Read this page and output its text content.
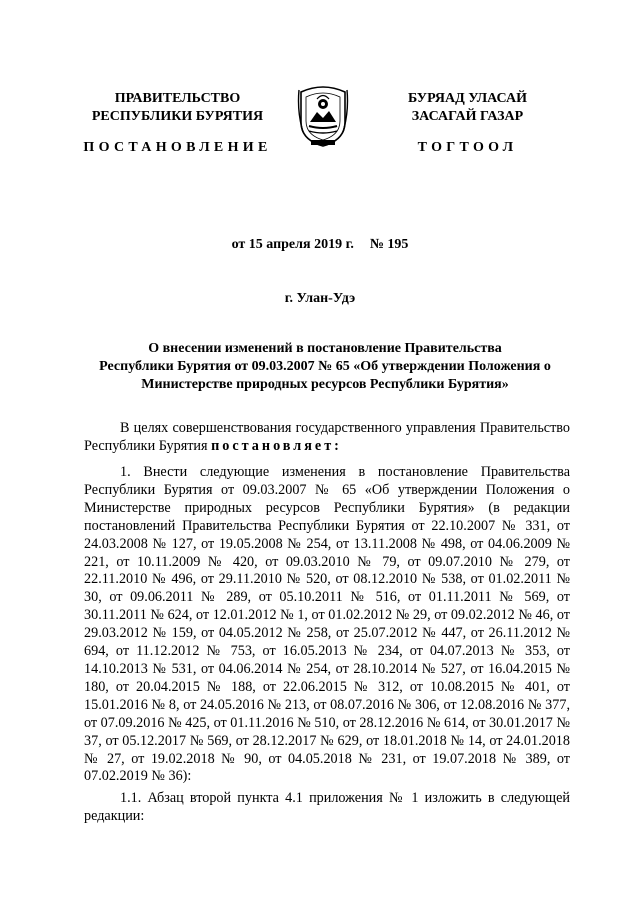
ПРАВИТЕЛЬСТВО
РЕСПУБЛИКИ БУРЯТИЯ
БУРЯАД УЛАСАЙ
ЗАСАГАЙ ГАЗАР
ПОСТАНОВЛЕНИЕ	ТОГТООЛ
от 15 апреля 2019 г. № 195
г. Улан-Удэ
О внесении изменений в постановление Правительства
Республики Бурятия от 09.03.2007 № 65 «Об утверждении Положения о
Министерстве природных ресурсов Республики Бурятия»
В целях совершенствования государственного управления Правительство Республики Бурятия постановляет:
1. Внести следующие изменения в постановление Правительства Республики Бурятия от 09.03.2007 № 65 «Об утверждении Положения о Министерстве природных ресурсов Республики Бурятия» (в редакции постановлений Правительства Республики Бурятия от 22.10.2007 № 331, от 24.03.2008 № 127, от 19.05.2008 № 254, от 13.11.2008 № 498, от 04.06.2009 № 221, от 10.11.2009 № 420, от 09.03.2010 № 79, от 09.07.2010 № 279, от 22.11.2010 № 496, от 29.11.2010 № 520, от 08.12.2010 № 538, от 01.02.2011 № 30, от 09.06.2011 № 289, от 05.10.2011 № 516, от 01.11.2011 № 569, от 30.11.2011 № 624, от 12.01.2012 № 1, от 01.02.2012 № 29, от 09.02.2012 № 46, от 29.03.2012 № 159, от 04.05.2012 № 258, от 25.07.2012 № 447, от 26.11.2012 № 694, от 11.12.2012 № 753, от 16.05.2013 № 234, от 04.07.2013 № 353, от 14.10.2013 № 531, от 04.06.2014 № 254, от 28.10.2014 № 527, от 16.04.2015 № 180, от 20.04.2015 № 188, от 22.06.2015 № 312, от 10.08.2015 № 401, от 15.01.2016 № 8, от 24.05.2016 № 213, от 08.07.2016 № 306, от 12.08.2016 № 377, от 07.09.2016 № 425, от 01.11.2016 № 510, от 28.12.2016 № 614, от 30.01.2017 № 37, от 05.12.2017 № 569, от 28.12.2017 № 629, от 18.01.2018 № 14, от 24.01.2018 № 27, от 19.02.2018 № 90, от 04.05.2018 № 231, от 19.07.2018 № 389, от 07.02.2019 № 36):
1.1. Абзац второй пункта 4.1 приложения № 1 изложить в следующей редакции:
